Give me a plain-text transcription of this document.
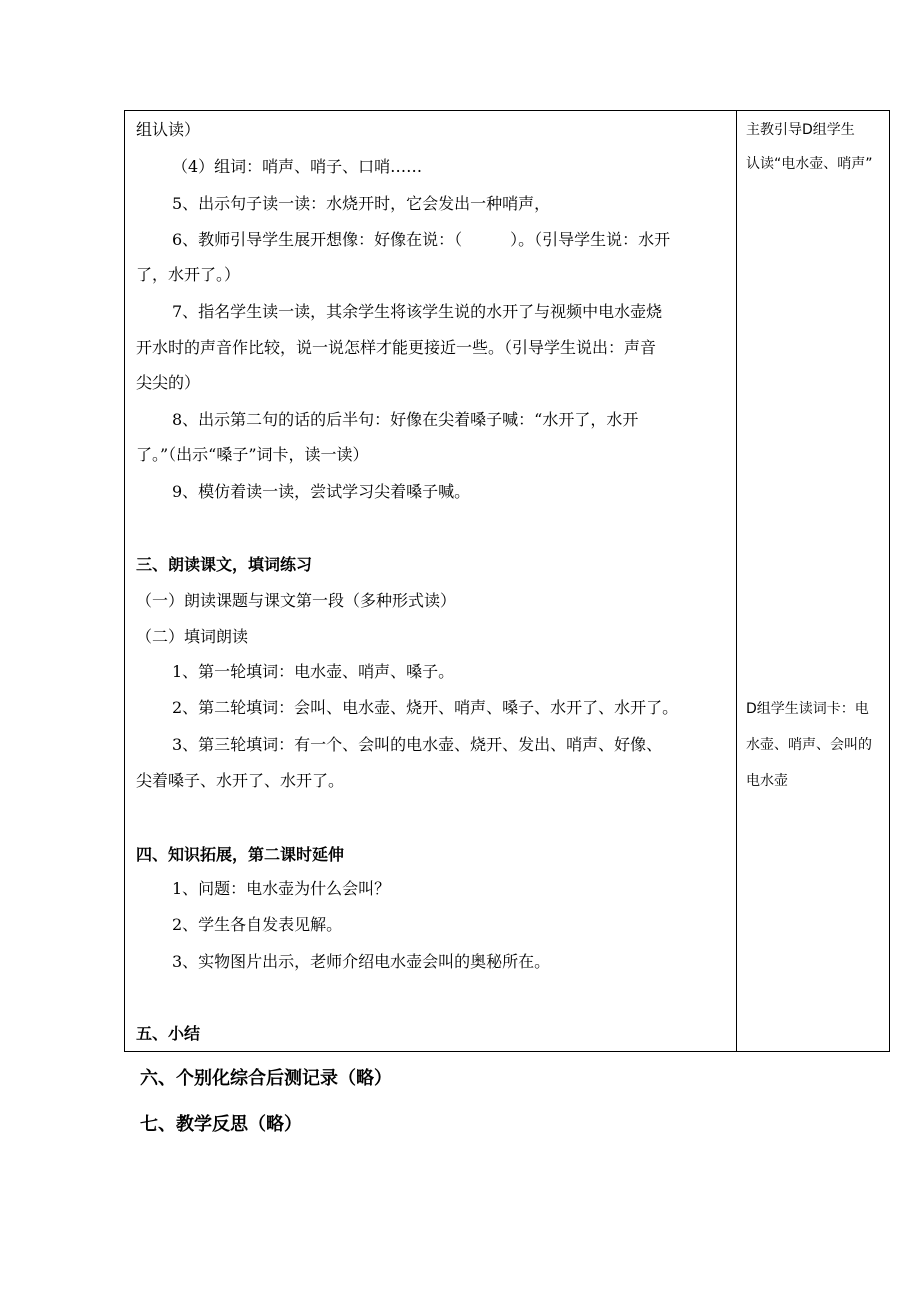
组认读）
（4）组词：哨声、哨子、口哨……
5、出示句子读一读：水烧开时，它会发出一种哨声，
6、教师引导学生展开想像：好像在说：（　　　）。（引导学生说：水开
了，水开了。）
7、指名学生读一读，其余学生将该学生说的水开了与视频中电水壶烧
开水时的声音作比较，说一说怎样才能更接近一些。（引导学生说出：声音
尖尖的）
8、出示第二句的话的后半句：好像在尖着嗓子喊：“水开了，水开
了。”（出示“嗓子”词卡，读一读）
9、模仿着读一读，尝试学习尖着嗓子喊。
三、朗读课文，填词练习
（一）朗读课题与课文第一段（多种形式读）
（二）填词朗读
1、第一轮填词：电水壶、哨声、嗓子。
2、第二轮填词：会叫、电水壶、烧开、哨声、嗓子、水开了、水开了。
3、第三轮填词：有一个、会叫的电水壶、烧开、发出、哨声、好像、
尖着嗓子、水开了、水开了。
四、知识拓展，第二课时延伸
1、问题：电水壶为什么会叫？
2、学生各自发表见解。
3、实物图片出示，老师介绍电水壶会叫的奥秘所在。
五、小结
主教引导D组学生
认读“电水壶、哨声”
D组学生读词卡：电
水壶、哨声、会叫的
电水壶
六、个别化综合后测记录（略）
七、教学反思（略）
